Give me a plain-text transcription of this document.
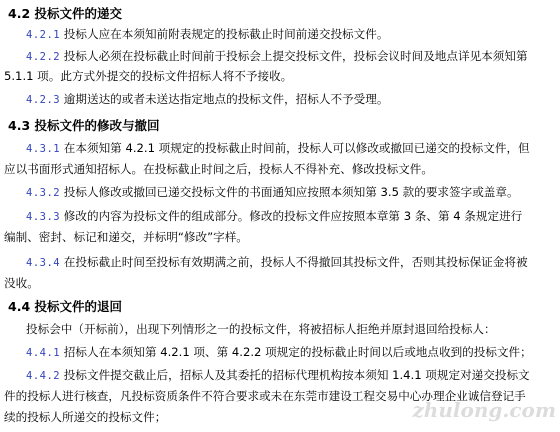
4.2 投标文件的递交
4.2.1 投标人应在本须知前附表规定的投标截止时间前递交投标文件。
4.2.2 投标人必须在投标截止时间前于投标会上提交投标文件，投标会议时间及地点详见本须知第
5.1.1 项。此方式外提交的投标文件招标人将不予接收。
4.2.3 逾期送达的或者未送达指定地点的投标文件，招标人不予受理。
4.3 投标文件的修改与撤回
4.3.1 在本须知第 4.2.1 项规定的投标截止时间前，投标人可以修改或撤回已递交的投标文件，但
应以书面形式通知招标人。在投标截止时间之后，投标人不得补充、修改投标文件。
4.3.2 投标人修改或撤回已递交投标文件的书面通知应按照本须知第 3.5 款的要求签字或盖章。
4.3.3 修改的内容为投标文件的组成部分。修改的投标文件应按照本章第 3 条、第 4 条规定进行
编制、密封、标记和递交，并标明“修改”字样。
4.3.4 在投标截止时间至投标有效期满之前，投标人不得撤回其投标文件，否则其投标保证金将被
没收。
4.4 投标文件的退回
投标会中（开标前），出现下列情形之一的投标文件，将被招标人拒绝并原封退回给投标人：
4.4.1 招标人在本须知第 4.2.1 项、第 4.2.2 项规定的投标截止时间以后或地点收到的投标文件；
4.4.2 投标文件提交截止后，招标人及其委托的招标代理机构按本须知 1.4.1 项规定对递交投标文
件的投标人进行核查，凡投标资质条件不符合要求或未在东莞市建设工程交易中心办理企业诚信登记手
续的投标人所递交的投标文件；	zhulong.com
